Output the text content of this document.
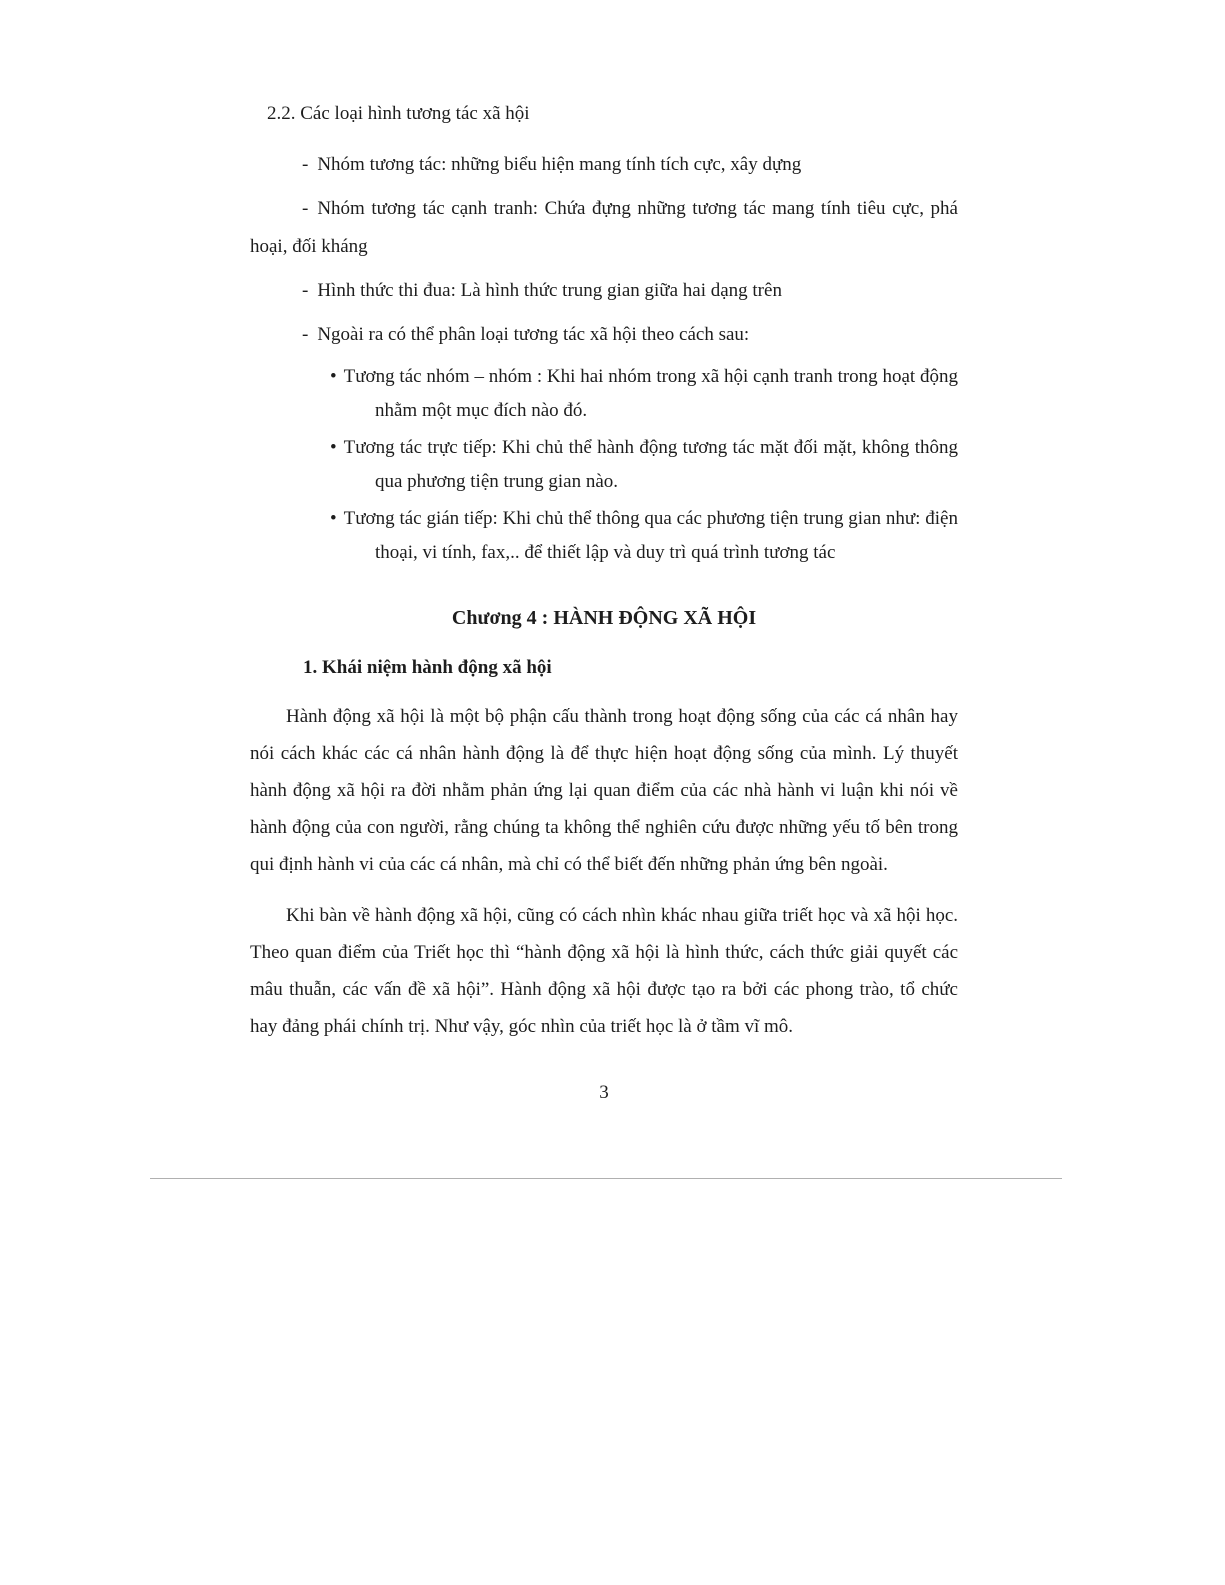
2.2. Các loại hình tương tác xã hội
- Nhóm tương tác: những biểu hiện mang tính tích cực, xây dựng
- Nhóm tương tác cạnh tranh: Chứa đựng những tương tác mang tính tiêu cực, phá hoại, đối kháng
- Hình thức thi đua: Là hình thức trung gian giữa hai dạng trên
- Ngoài ra có thể phân loại tương tác xã hội theo cách sau:
• Tương tác nhóm – nhóm : Khi hai nhóm trong xã hội cạnh tranh trong hoạt động nhằm một mục đích nào đó.
• Tương tác trực tiếp: Khi chủ thể hành động tương tác mặt đối mặt, không thông qua phương tiện trung gian nào.
• Tương tác gián tiếp: Khi chủ thể thông qua các phương tiện trung gian như: điện thoại, vi tính, fax,.. để thiết lập và duy trì quá trình tương tác
Chương 4 : HÀNH ĐỘNG XÃ HỘI
1. Khái niệm hành động xã hội
Hành động xã hội là một bộ phận cấu thành trong hoạt động sống của các cá nhân hay nói cách khác các cá nhân hành động là để thực hiện hoạt động sống của mình. Lý thuyết hành động xã hội ra đời nhằm phản ứng lại quan điểm của các nhà hành vi luận khi nói về hành động của con người, rằng chúng ta không thể nghiên cứu được những yếu tố bên trong qui định hành vi của các cá nhân, mà chỉ có thể biết đến những phản ứng bên ngoài.
Khi bàn về hành động xã hội, cũng có cách nhìn khác nhau giữa triết học và xã hội học. Theo quan điểm của Triết học thì “hành động xã hội là hình thức, cách thức giải quyết các mâu thuẫn, các vấn đề xã hội”. Hành động xã hội được tạo ra bởi các phong trào, tổ chức hay đảng phái chính trị. Như vậy, góc nhìn của triết học là ở tầm vĩ mô.
3
